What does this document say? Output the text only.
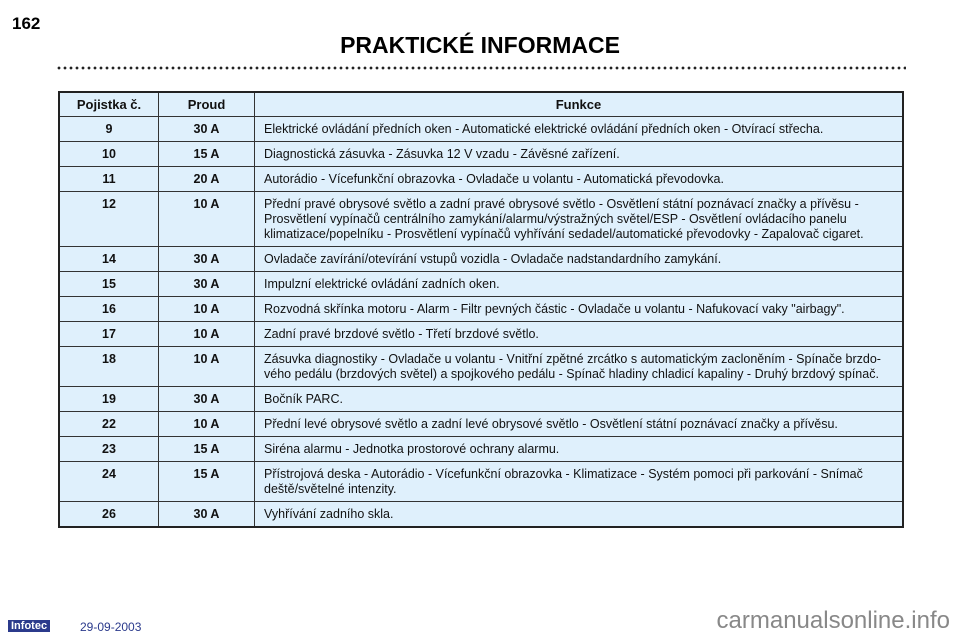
162
PRAKTICKÉ INFORMACE
Pojistka č.	Proud	Funkce
9	30 A	Elektrické ovládání předních oken - Automatické elektrické ovládání předních oken - Otvírací střecha.
10	15 A	Diagnostická zásuvka - Zásuvka 12 V vzadu - Závěsné zařízení.
11	20 A	Autorádio - Vícefunkční obrazovka - Ovladače u volantu - Automatická převodovka.
12	10 A	Přední pravé obrysové světlo a zadní pravé obrysové světlo - Osvětlení státní poznávací značky a přívěsu - Prosvětlení vypínačů centrálního zamykání/alarmu/výstražných světel/ESP - Osvětlení ovládacího panelu klimatizace/popelníku - Prosvětlení vypínačů vyhřívání sedadel/automatické převodovky - Zapalovač cigaret.
14	30 A	Ovladače zavírání/otevírání vstupů vozidla - Ovladače nadstandardního zamykání.
15	30 A	Impulzní elektrické ovládání zadních oken.
16	10 A	Rozvodná skřínka motoru - Alarm - Filtr pevných částic - Ovladače u volantu - Nafukovací vaky "airbagy".
17	10 A	Zadní pravé brzdové světlo - Třetí brzdové světlo.
18	10 A	Zásuvka diagnostiky - Ovladače u volantu - Vnitřní zpětné zrcátko s automatickým zacloněním - Spínače brzdo-vého pedálu (brzdových světel) a spojkového pedálu - Spínač hladiny chladicí kapaliny - Druhý brzdový spínač.
19	30 A	Bočník PARC.
22	10 A	Přední levé obrysové světlo a zadní levé obrysové světlo - Osvětlení státní poznávací značky a přívěsu.
23	15 A	Siréna alarmu - Jednotka prostorové ochrany alarmu.
24	15 A	Přístrojová deska - Autorádio - Vícefunkční obrazovka - Klimatizace - Systém pomoci při parkování - Snímač deště/světelné intenzity.
26	30 A	Vyhřívání zadního skla.
Infotec	29-09-2003	carmanualsonline.info
